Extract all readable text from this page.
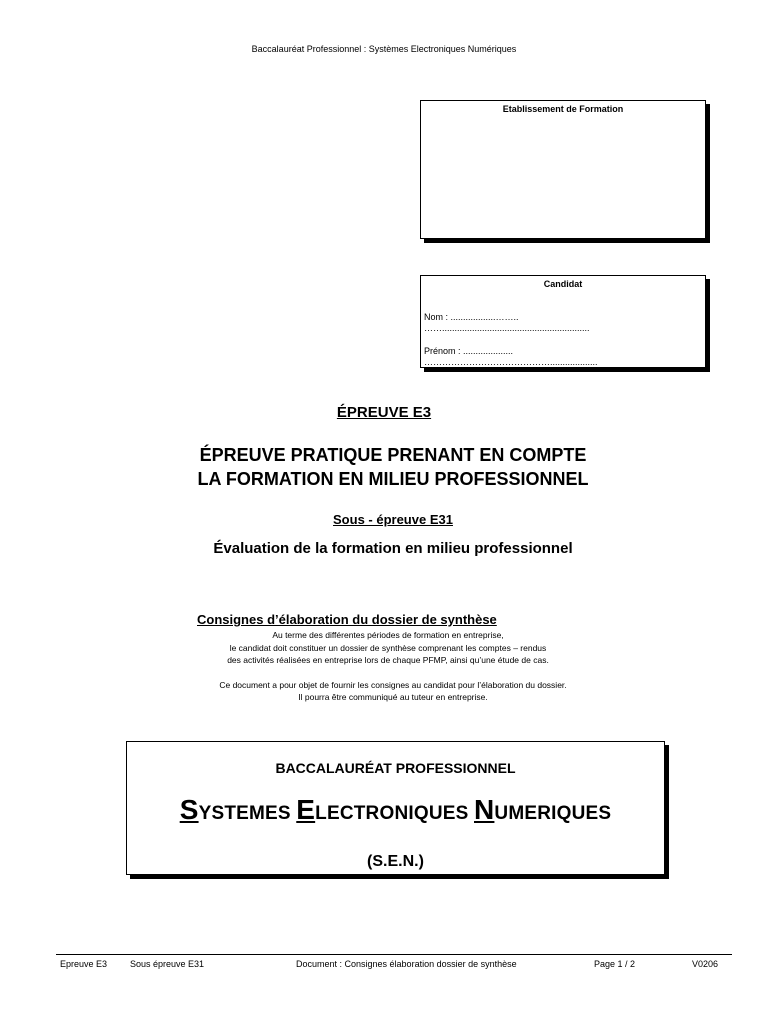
Baccalauréat Professionnel : Systèmes Electroniques Numériques
Etablissement de Formation
Candidat
Nom : ..................……..
……...........................................................
Prénom : ....................
……………………………………...................
ÉPREUVE E3
ÉPREUVE PRATIQUE PRENANT EN COMPTE
LA FORMATION EN MILIEU PROFESSIONNEL
Sous - épreuve E31
Évaluation de la formation en milieu professionnel
Consignes d’élaboration du dossier de synthèse
Au terme des différentes périodes de formation en entreprise,
le candidat doit constituer un dossier de synthèse comprenant les comptes – rendus
des activités réalisées en entreprise lors de chaque PFMP, ainsi qu’une étude de cas.
Ce document a pour objet de fournir les consignes au candidat pour l’élaboration du dossier.
Il pourra être communiqué au tuteur en entreprise.
BACCALAURÉAT PROFESSIONNEL
SYSTEMES ELECTRONIQUES NUMERIQUES
(S.E.N.)
Epreuve E3	Sous épreuve E31	Document : Consignes élaboration dossier de synthèse	Page 1 / 2	V0206
